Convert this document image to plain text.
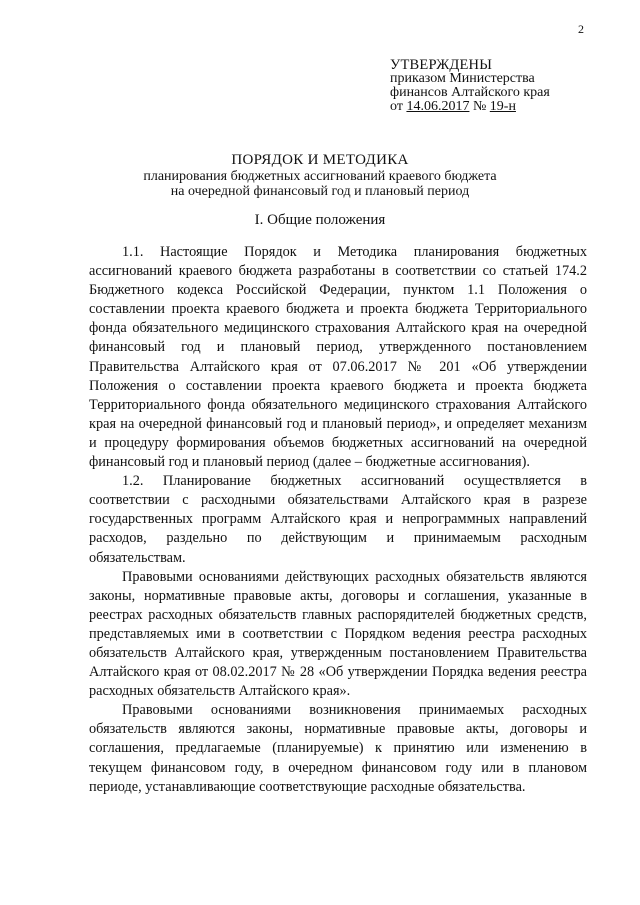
2
УТВЕРЖДЕНЫ
приказом Министерства
финансов Алтайского края
от 14.06.2017 № 19-н
ПОРЯДОК И МЕТОДИКА
планирования бюджетных ассигнований краевого бюджета
на очередной финансовый год и плановый период
I. Общие положения

1.1. Настоящие Порядок и Методика планирования бюджетных ассигнований краевого бюджета разработаны в соответствии со статьей 174.2 Бюджетного кодекса Российской Федерации, пунктом 1.1 Положения о составлении проекта краевого бюджета и проекта бюджета Территориального фонда обязательного медицинского страхования Алтайского края на очередной финансовый год и плановый период, утвержденного постановлением Правительства Алтайского края от 07.06.2017 № 201 «Об утверждении Положения о составлении проекта краевого бюджета и проекта бюджета Территориального фонда обязательного медицинского страхования Алтайского края на очередной финансовый год и плановый период», и определяет механизм и процедуру формирования объемов бюджетных ассигнований на очередной финансовый год и плановый период (далее – бюджетные ассигнования).

1.2. Планирование бюджетных ассигнований осуществляется в соответствии с расходными обязательствами Алтайского края в разрезе государственных программ Алтайского края и непрограммных направлений расходов, раздельно по действующим и принимаемым расходным обязательствам.

Правовыми основаниями действующих расходных обязательств являются законы, нормативные правовые акты, договоры и соглашения, указанные в реестрах расходных обязательств главных распорядителей бюджетных средств, представляемых ими в соответствии с Порядком ведения реестра расходных обязательств Алтайского края, утвержденным постановлением Правительства Алтайского края от 08.02.2017 № 28 «Об утверждении Порядка ведения реестра расходных обязательств Алтайского края».

Правовыми основаниями возникновения принимаемых расходных обязательств являются законы, нормативные правовые акты, договоры и соглашения, предлагаемые (планируемые) к принятию или изменению в текущем финансовом году, в очередном финансовом году или в плановом периоде, устанавливающие соответствующие расходные обязательства.
